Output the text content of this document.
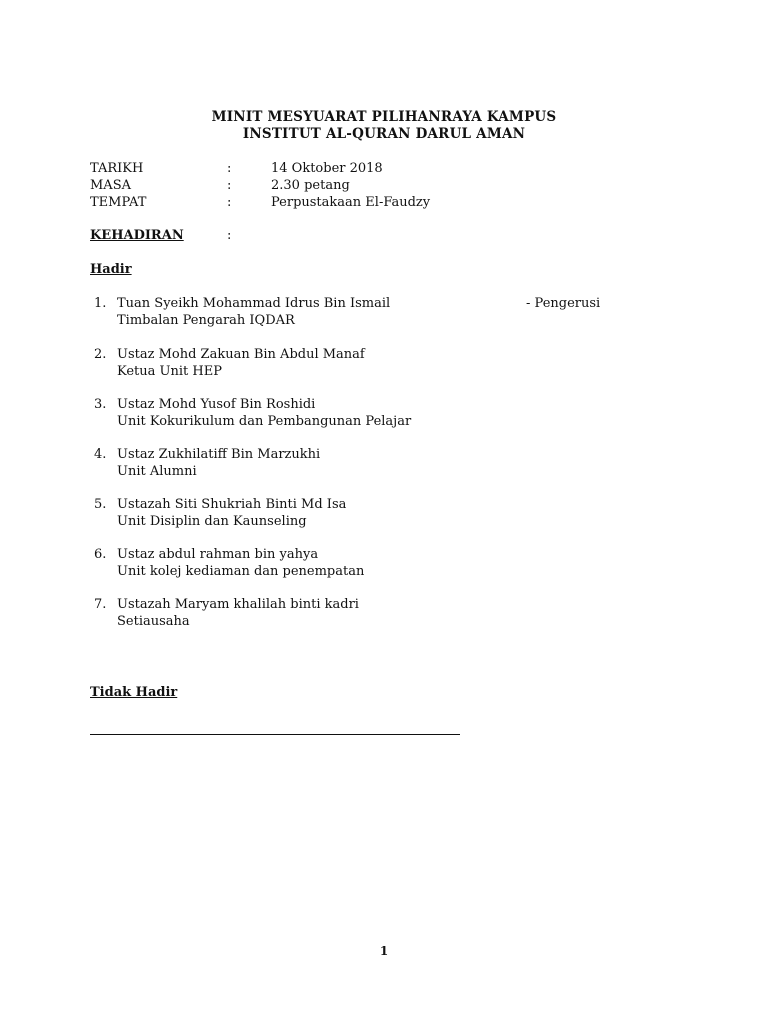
MINIT MESYUARAT PILIHANRAYA KAMPUS
INSTITUT AL-QURAN DARUL AMAN
TARIKH	:	14 Oktober 2018
MASA	:	2.30 petang
TEMPAT	:	Perpustakaan El-Faudzy
KEHADIRAN	:
Hadir
1. Tuan Syeikh Mohammad Idrus Bin Ismail	- Pengerusi
Timbalan Pengarah IQDAR
2. Ustaz Mohd Zakuan Bin Abdul Manaf
Ketua Unit HEP
3. Ustaz Mohd Yusof Bin Roshidi
Unit Kokurikulum dan Pembangunan Pelajar
4. Ustaz Zukhilatiff Bin Marzukhi
Unit Alumni
5. Ustazah Siti Shukriah Binti Md Isa
Unit Disiplin dan Kaunseling
6. Ustaz abdul rahman bin yahya
Unit kolej kediaman dan penempatan
7. Ustazah Maryam khalilah binti kadri
Setiausaha
Tidak Hadir
1
